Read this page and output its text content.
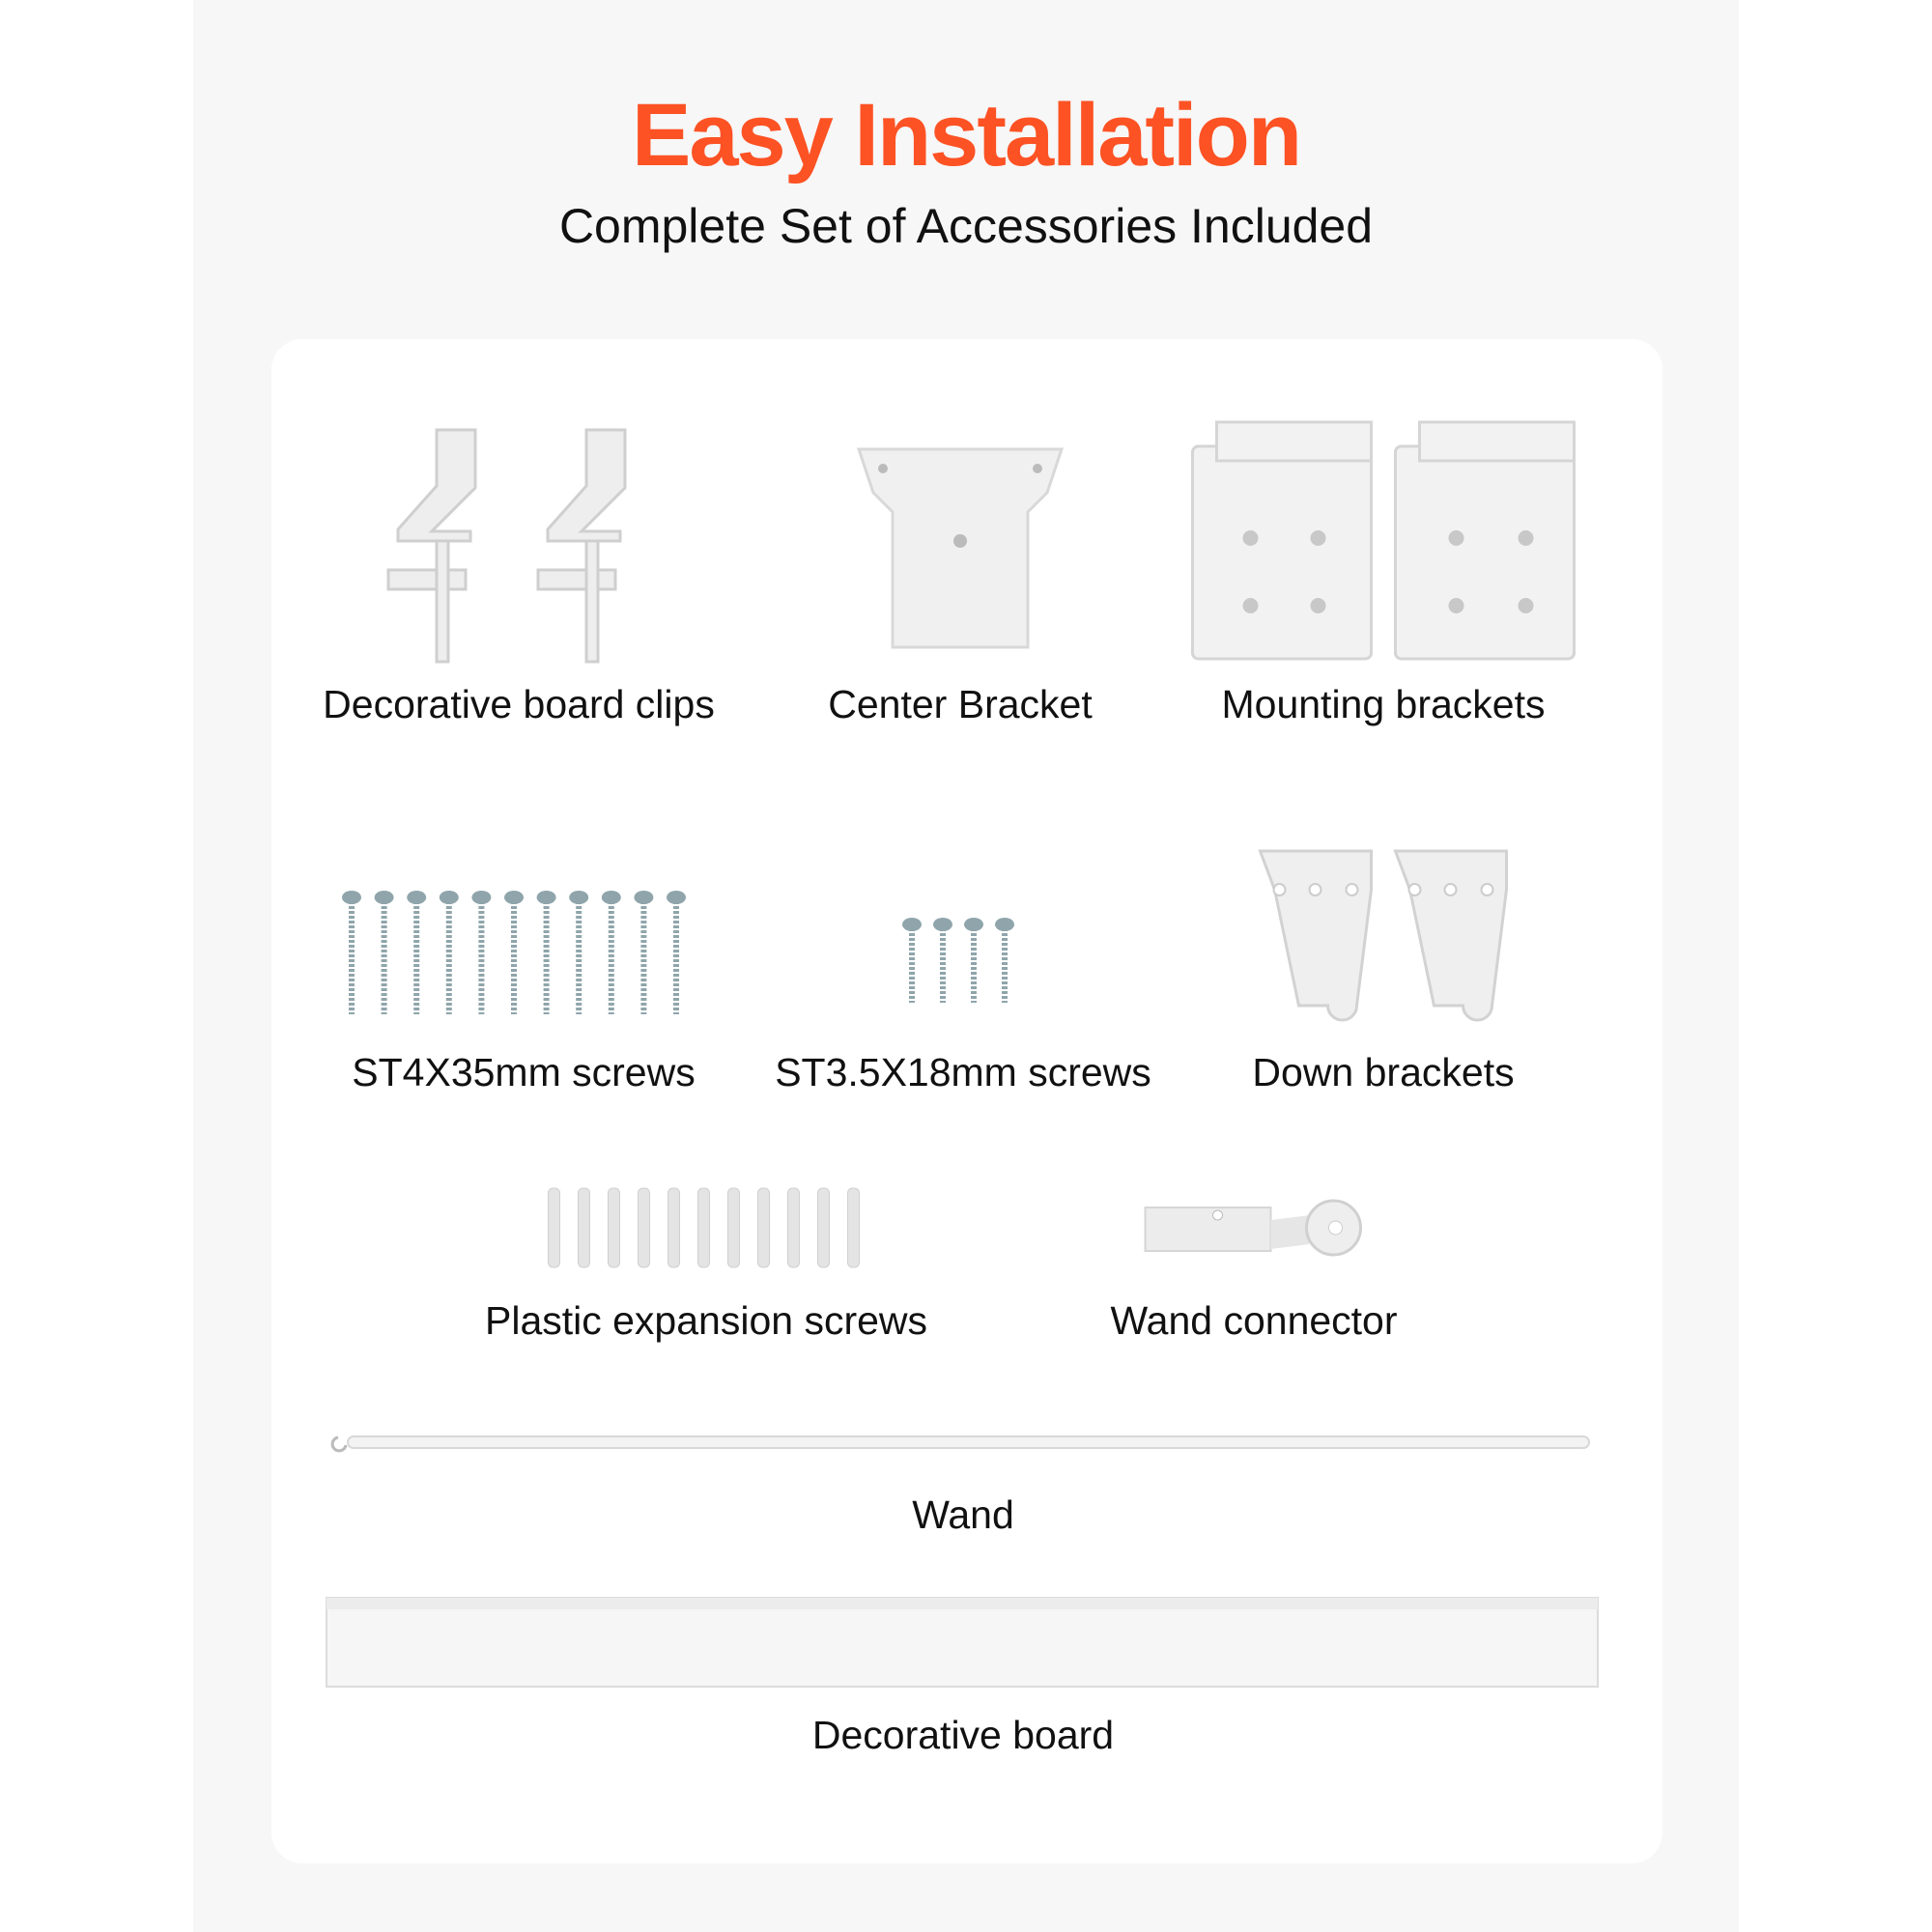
Easy Installation
Complete Set of Accessories Included
Decorative board clips	Center Bracket	Mounting brackets
ST4X35mm screws ST3.5X18mm screws	Down brackets
Plastic expansion screws	Wand connector
Wand
Decorative board
